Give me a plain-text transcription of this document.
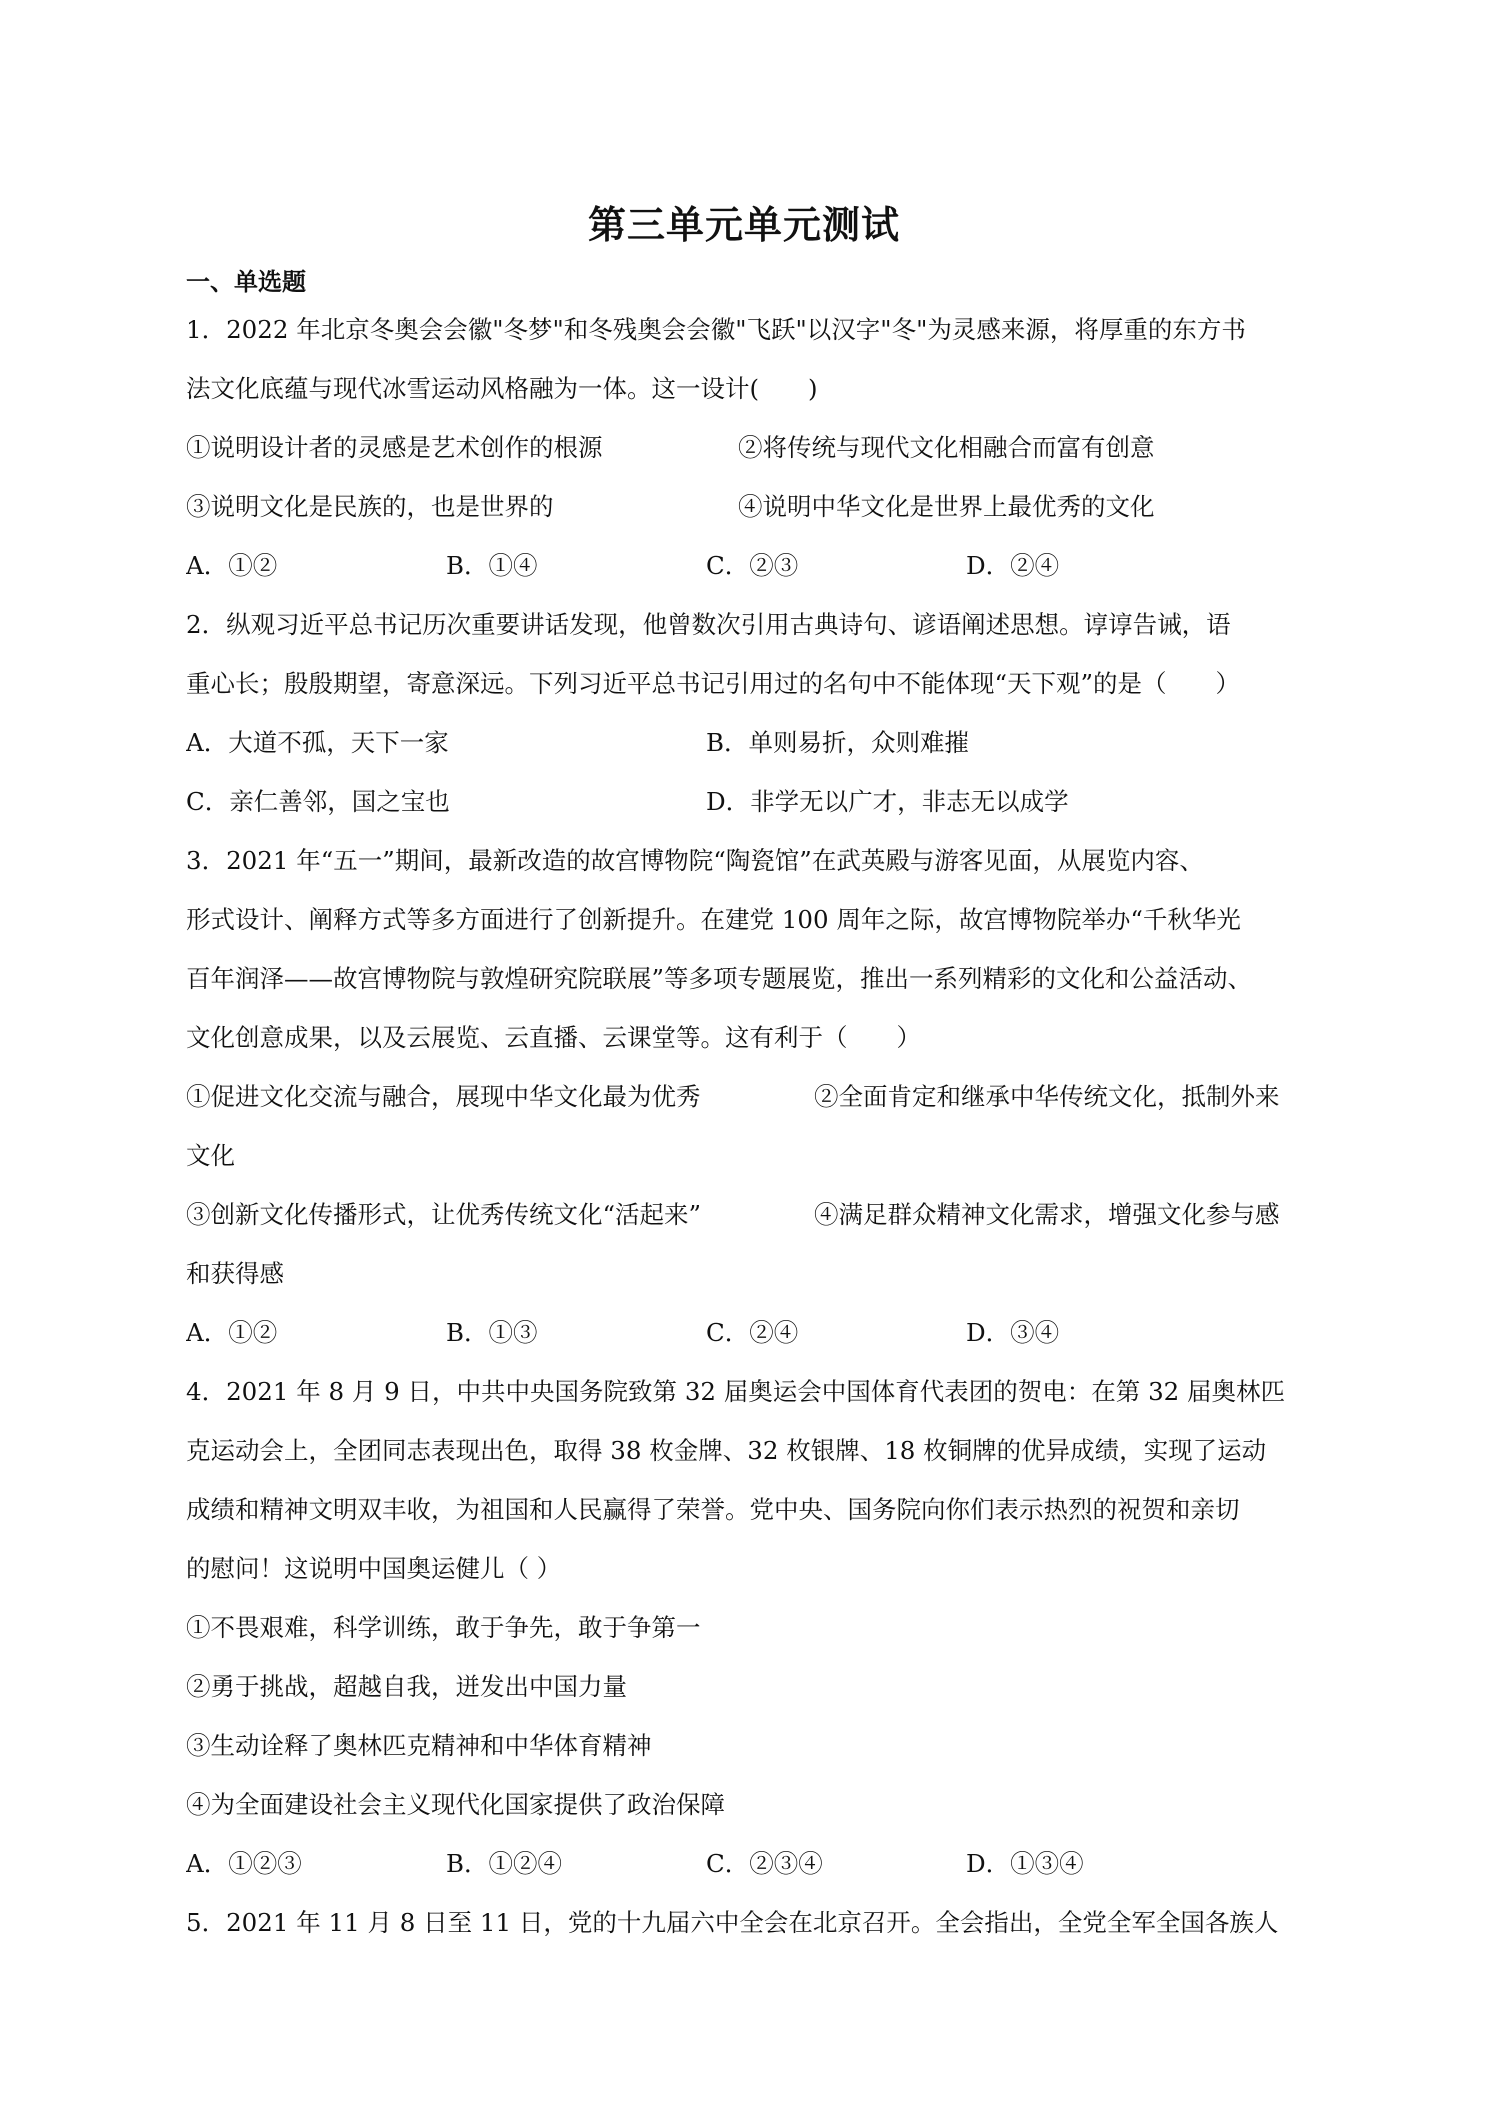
第三单元单元测试
一、单选题
1．2022 年北京冬奥会会徽"冬梦"和冬残奥会会徽"飞跃"以汉字"冬"为灵感来源，将厚重的东方书
法文化底蕴与现代冰雪运动风格融为一体。这一设计(　　)
①说明设计者的灵感是艺术创作的根源	②将传统与现代文化相融合而富有创意
③说明文化是民族的，也是世界的	④说明中华文化是世界上最优秀的文化
A．①②	B．①④	C．②③	D．②④
2．纵观习近平总书记历次重要讲话发现，他曾数次引用古典诗句、谚语阐述思想。谆谆告诫，语
重心长；殷殷期望，寄意深远。下列习近平总书记引用过的名句中不能体现“天下观”的是（　　）
A．大道不孤，天下一家	B．单则易折，众则难摧
C．亲仁善邻，国之宝也	D．非学无以广才，非志无以成学
3．2021 年“五一”期间，最新改造的故宫博物院“陶瓷馆”在武英殿与游客见面，从展览内容、
形式设计、阐释方式等多方面进行了创新提升。在建党 100 周年之际，故宫博物院举办“千秋华光
百年润泽——故宫博物院与敦煌研究院联展”等多项专题展览，推出一系列精彩的文化和公益活动、
文化创意成果，以及云展览、云直播、云课堂等。这有利于（　　）
①促进文化交流与融合，展现中华文化最为优秀	②全面肯定和继承中华传统文化，抵制外来
文化
③创新文化传播形式，让优秀传统文化“活起来”	④满足群众精神文化需求，增强文化参与感
和获得感
A．①②	B．①③	C．②④	D．③④
4．2021 年 8 月 9 日，中共中央国务院致第 32 届奥运会中国体育代表团的贺电：在第 32 届奥林匹
克运动会上，全团同志表现出色，取得 38 枚金牌、32 枚银牌、18 枚铜牌的优异成绩，实现了运动
成绩和精神文明双丰收，为祖国和人民赢得了荣誉。党中央、国务院向你们表示热烈的祝贺和亲切
的慰问！这说明中国奥运健儿（ ）
①不畏艰难，科学训练，敢于争先，敢于争第一
②勇于挑战，超越自我，迸发出中国力量
③生动诠释了奥林匹克精神和中华体育精神
④为全面建设社会主义现代化国家提供了政治保障
A．①②③	B．①②④	C．②③④	D．①③④
5．2021 年 11 月 8 日至 11 日，党的十九届六中全会在北京召开。全会指出，全党全军全国各族人
